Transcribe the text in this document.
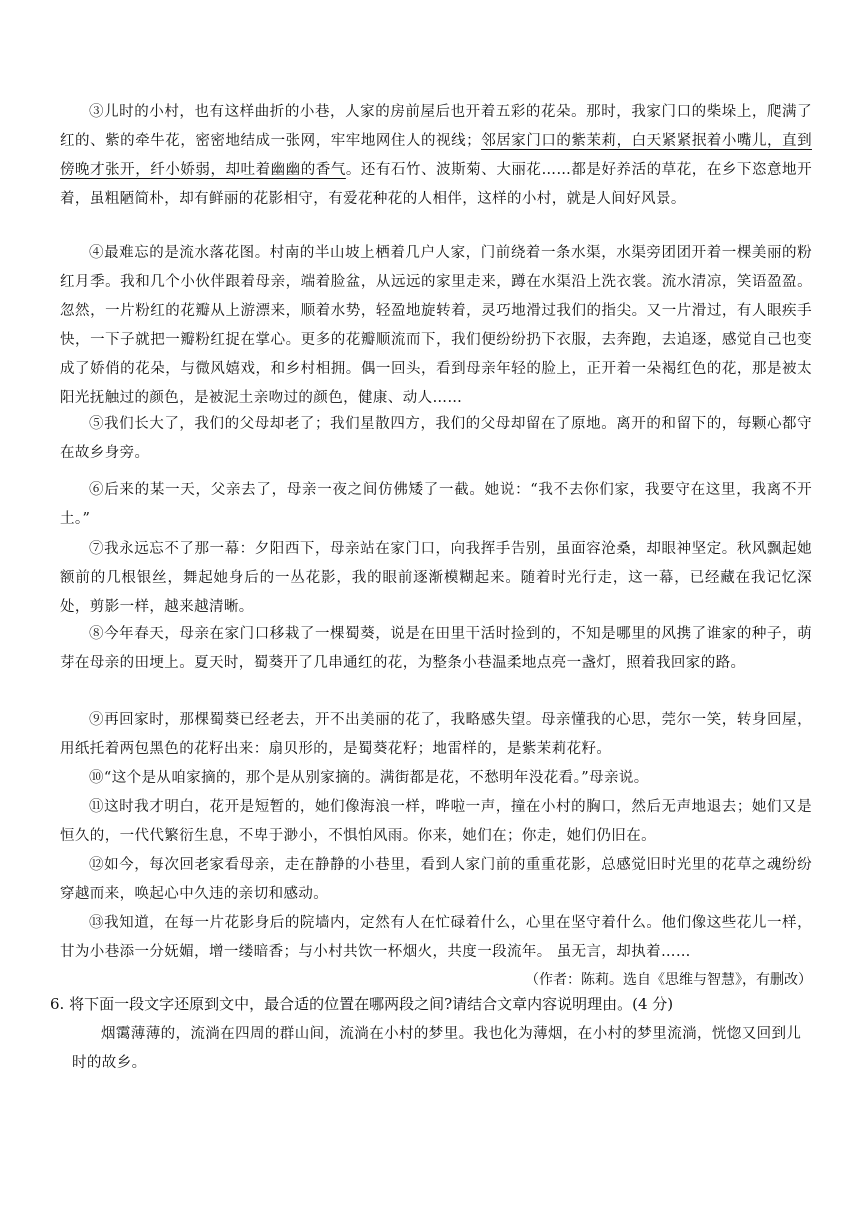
③儿时的小村，也有这样曲折的小巷，人家的房前屋后也开着五彩的花朵。那时，我家门口的柴垛上，爬满了红的、紫的牵牛花，密密地结成一张网，牢牢地网住人的视线；邻居家门口的紫茉莉，白天紧紧抿着小嘴儿，直到傍晚才张开，纤小娇弱，却吐着幽幽的香气。还有石竹、波斯菊、大丽花……都是好养活的草花，在乡下恣意地开着，虽粗陋简朴，却有鲜丽的花影相守，有爱花种花的人相伴，这样的小村，就是人间好风景。

④最难忘的是流水落花图。村南的半山坡上栖着几户人家，门前绕着一条水渠，水渠旁团团开着一棵美丽的粉红月季。我和几个小伙伴跟着母亲，端着脸盆，从远远的家里走来，蹲在水渠沿上洗衣裳。流水清凉，笑语盈盈。忽然，一片粉红的花瓣从上游漂来，顺着水势，轻盈地旋转着，灵巧地滑过我们的指尖。又一片滑过，有人眼疾手快，一下子就把一瓣粉红捉在掌心。更多的花瓣顺流而下，我们便纷纷扔下衣服，去奔跑，去追逐，感觉自己也变成了娇俏的花朵，与微风嬉戏，和乡村相拥。偶一回头，看到母亲年轻的脸上，正开着一朵褐红色的花，那是被太阳光抚触过的颜色，是被泥土亲吻过的颜色，健康、动人……

⑤我们长大了，我们的父母却老了；我们星散四方，我们的父母却留在了原地。离开的和留下的，每颗心都守在故乡身旁。

⑥后来的某一天，父亲去了，母亲一夜之间仿佛矮了一截。她说：“我不去你们家，我要守在这里，我离不开土。”

⑦我永远忘不了那一幕：夕阳西下，母亲站在家门口，向我挥手告别，虽面容沧桑，却眼神坚定。秋风飘起她额前的几根银丝，舞起她身后的一丛花影，我的眼前逐渐模糊起来。随着时光行走，这一幕，已经藏在我记忆深处，剪影一样，越来越清晰。

⑧今年春天，母亲在家门口移栽了一棵蜀葵，说是在田里干活时捡到的，不知是哪里的风携了谁家的种子，萌芽在母亲的田埂上。夏天时，蜀葵开了几串通红的花，为整条小巷温柔地点亮一盏灯，照着我回家的路。

⑨再回家时，那棵蜀葵已经老去，开不出美丽的花了，我略感失望。母亲懂我的心思，莞尔一笑，转身回屋，用纸托着两包黑色的花籽出来：扇贝形的，是蜀葵花籽；地雷样的，是紫茉莉花籽。

⑩“这个是从咱家摘的，那个是从别家摘的。满街都是花，不愁明年没花看。”母亲说。

⑪这时我才明白，花开是短暂的，她们像海浪一样，哗啦一声，撞在小村的胸口，然后无声地退去；她们又是恒久的，一代代繁衍生息，不卑于渺小，不惧怕风雨。你来，她们在；你走，她们仍旧在。

⑫如今，每次回老家看母亲，走在静静的小巷里，看到人家门前的重重花影，总感觉旧时光里的花草之魂纷纷穿越而来，唤起心中久违的亲切和感动。

⑬我知道，在每一片花影身后的院墙内，定然有人在忙碌着什么，心里在坚守着什么。他们像这些花儿一样，甘为小巷添一分妩媚，增一缕暗香；与小村共饮一杯烟火，共度一段流年。 虽无言，却执着……

（作者：陈莉。选自《思维与智慧》，有删改）

6. 将下面一段文字还原到文中，最合适的位置在哪两段之间?请结合文章内容说明理由。(4 分)

烟霭薄薄的，流淌在四周的群山间，流淌在小村的梦里。我也化为薄烟，在小村的梦里流淌，恍惚又回到儿时的故乡。
